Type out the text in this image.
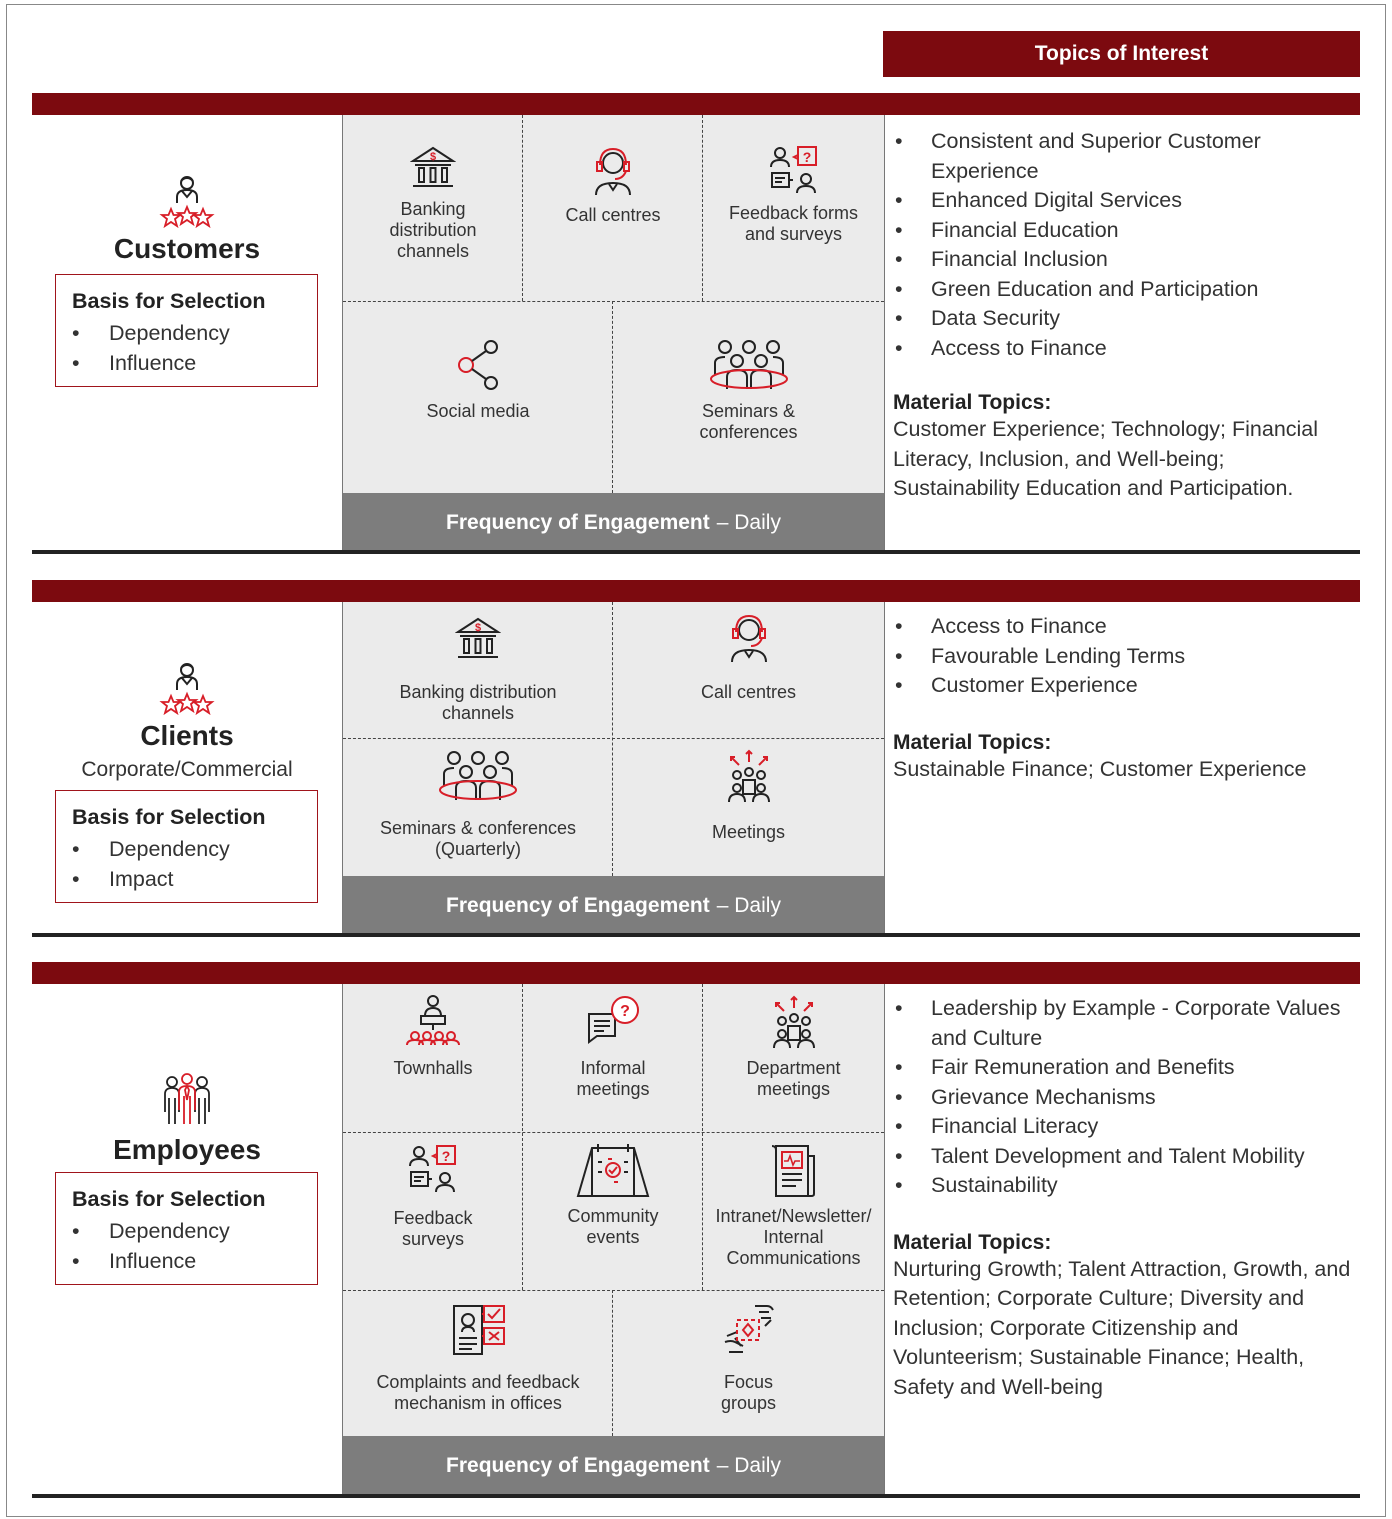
Topics of Interest
Customers
Basis for Selection
• Dependency
• Influence
$
Banking distribution channels
Call centres
?
Feedback forms and surveys
Social media	Seminars & conferences
Frequency of Engagement – Daily
• Consistent and Superior Customer Experience
• Enhanced Digital Services
• Financial Education
• Financial Inclusion
• Green Education and Participation
• Data Security
• Access to Finance
Material Topics:
Customer Experience; Technology; Financial Literacy, Inclusion, and Well-being; Sustainability Education and Participation.
Clients
Corporate/Commercial
Basis for Selection
• Dependency
• Impact
$
Banking distribution channels
Call centres
Seminars & conferences (Quarterly)
Meetings
Frequency of Engagement – Daily
• Access to Finance
• Favourable Lending Terms
• Customer Experience
Material Topics:
Sustainable Finance; Customer Experience
Employees
Basis for Selection
• Dependency
• Influence
Townhalls
?
Informal meetings
Department meetings
?
Feedback surveys
Community events
Intranet/Newsletter/ Internal Communications
Complaints and feedback mechanism in offices
Focus groups
Frequency of Engagement – Daily
• Leadership by Example - Corporate Values and Culture
• Fair Remuneration and Benefits
• Grievance Mechanisms
• Financial Literacy
• Talent Development and Talent Mobility
• Sustainability
Material Topics:
Nurturing Growth; Talent Attraction, Growth, and Retention; Corporate Culture; Diversity and Inclusion; Corporate Citizenship and Volunteerism; Sustainable Finance; Health, Safety and Well-being
